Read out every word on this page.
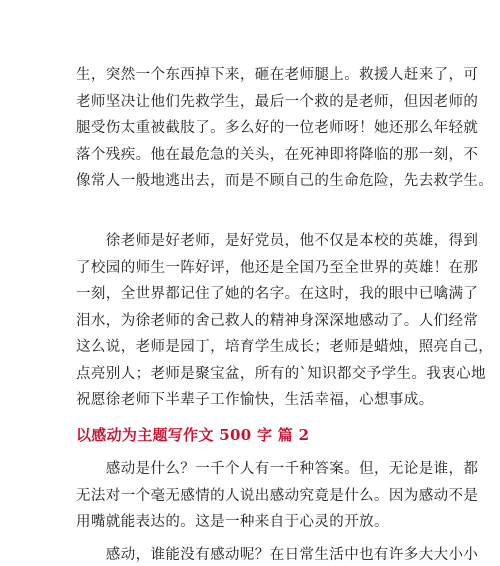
生，突然一个东西掉下来，砸在老师腿上。救援人赶来了，可
老师坚决让他们先救学生，最后一个救的是老师，但因老师的
腿受伤太重被截肢了。多么好的一位老师呀！她还那么年轻就
落个残疾。他在最危急的关头，在死神即将降临的那一刻，不
像常人一般地逃出去，而是不顾自己的生命危险，先去救学生。
　　徐老师是好老师，是好党员，他不仅是本校的英雄，得到
了校园的师生一阵好评，他还是全国乃至全世界的英雄！在那
一刻，全世界都记住了她的名字。在这时，我的眼中已噙满了
泪水，为徐老师的舍己救人的精神身深深地感动了。人们经常
这么说，老师是园丁，培育学生成长；老师是蜡烛，照亮自己，
点亮别人；老师是聚宝盆，所有的`知识都交予学生。我衷心地
祝愿徐老师下半辈子工作愉快，生活幸福，心想事成。
以感动为主题写作文 500 字 篇 2
　　感动是什么？一千个人有一千种答案。但，无论是谁，都
无法对一个毫无感情的人说出感动究竟是什么。因为感动不是
用嘴就能表达的。这是一种来自于心灵的开放。
　　感动，谁能没有感动呢？在日常生活中也有许多大大小小
